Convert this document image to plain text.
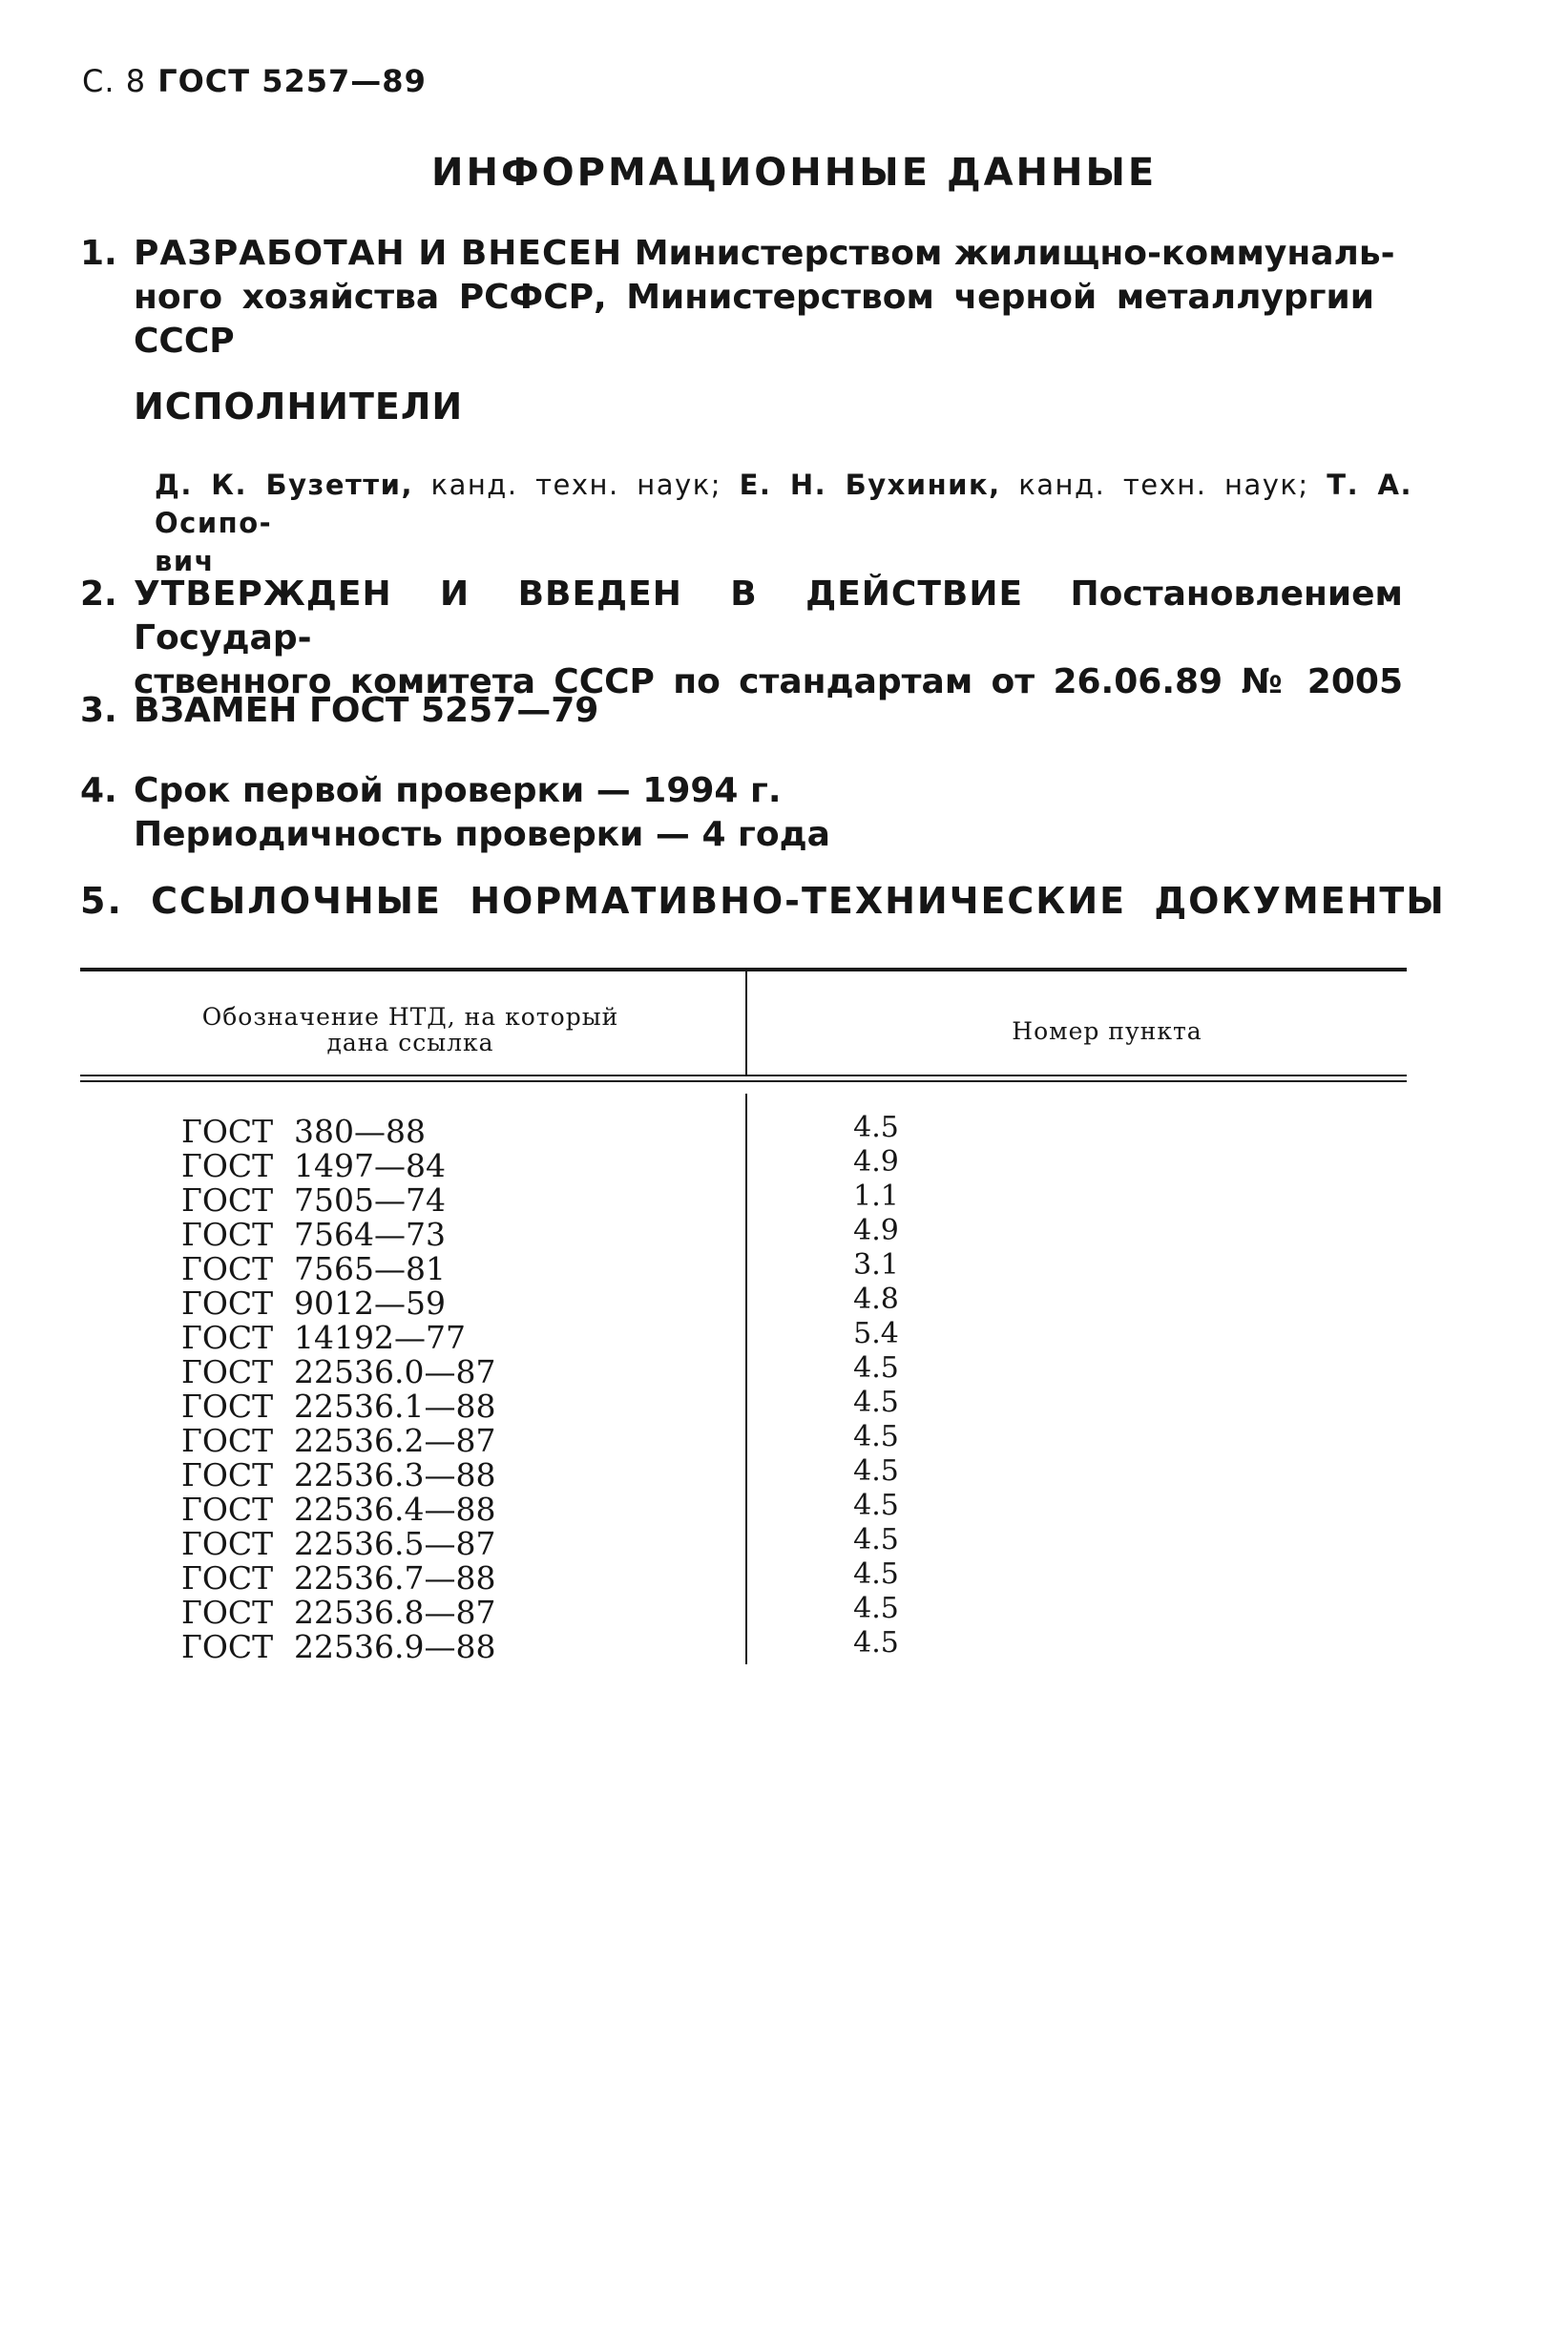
С. 8 ГОСТ 5257—89
ИНФОРМАЦИОННЫЕ ДАННЫЕ
1. РАЗРАБОТАН И ВНЕСЕН Министерством жилищно-коммуналь-
ного хозяйства РСФСР, Министерством черной металлургии
СССР
ИСПОЛНИТЕЛИ
Д. К. Бузетти, канд. техн. наук; Е. Н. Бухиник, канд. техн. наук; Т. А. Осипо-
вич
2. УТВЕРЖДЕН И ВВЕДЕН В ДЕЙСТВИЕ Постановлением Государ-
ственного комитета СССР по стандартам от 26.06.89 № 2005
3. ВЗАМЕН ГОСТ 5257—79
4. Срок первой проверки — 1994 г.
Периодичность проверки — 4 года
5. ССЫЛОЧНЫЕ НОРМАТИВНО-ТЕХНИЧЕСКИЕ ДОКУМЕНТЫ
Обозначение НТД, на который
дана ссылка	Номер пункта
ГОСТ 380—88
ГОСТ 1497—84
ГОСТ 7505—74
ГОСТ 7564—73
ГОСТ 7565—81
ГОСТ 9012—59
ГОСТ 14192—77
ГОСТ 22536.0—87
ГОСТ 22536.1—88
ГОСТ 22536.2—87
ГОСТ 22536.3—88
ГОСТ 22536.4—88
ГОСТ 22536.5—87
ГОСТ 22536.7—88
ГОСТ 22536.8—87
ГОСТ 22536.9—88
4.5
4.9
1.1
4.9
3.1
4.8
5.4
4.5
4.5
4.5
4.5
4.5
4.5
4.5
4.5
4.5
